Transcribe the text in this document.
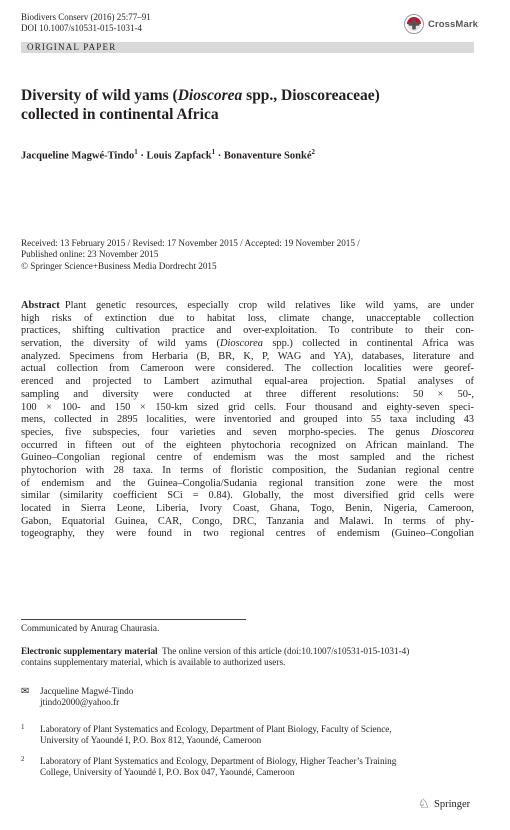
Biodivers Conserv (2016) 25:77–91
DOI 10.1007/s10531-015-1031-4	CrossMark
ORIGINAL PAPER
Diversity of wild yams (Dioscorea spp., Dioscoreaceae)
collected in continental Africa
Jacqueline Magwé-Tindo$^1$ · Louis Zapfack$^1$ · Bonaventure Sonké$^2$
Received: 13 February 2015 / Revised: 17 November 2015 / Accepted: 19 November 2015 /
Published online: 23 November 2015
© Springer Science+Business Media Dordrecht 2015
Abstract  Plant genetic resources, especially crop wild relatives like wild yams, are under
high risks of extinction due to habitat loss, climate change, unacceptable collection
practices, shifting cultivation practice and over-exploitation. To contribute to their con-
servation, the diversity of wild yams (Dioscorea spp.) collected in continental Africa was
analyzed. Specimens from Herbaria (B, BR, K, P, WAG and YA), databases, literature and
actual collection from Cameroon were considered. The collection localities were georef-
erenced and projected to Lambert azimuthal equal-area projection. Spatial analyses of
sampling and diversity were conducted at three different resolutions: 50 × 50-,
100 × 100- and 150 × 150-km sized grid cells. Four thousand and eighty-seven speci-
mens, collected in 2895 localities, were inventoried and grouped into 55 taxa including 43
species, five subspecies, four varieties and seven morpho-species. The genus Dioscorea
occurred in fifteen out of the eighteen phytochoria recognized on African mainland. The
Guineo–Congolian regional centre of endemism was the most sampled and the richest
phytochorion with 28 taxa. In terms of floristic composition, the Sudanian regional centre
of endemism and the Guinea–Congolia/Sudania regional transition zone were the most
similar (similarity coefficient SCi = 0.84). Globally, the most diversified grid cells were
located in Sierra Leone, Liberia, Ivory Coast, Ghana, Togo, Benin, Nigeria, Cameroon,
Gabon, Equatorial Guinea, CAR, Congo, DRC, Tanzania and Malawi. In terms of phy-
togeography, they were found in two regional centres of endemism (Guineo–Congolian
Communicated by Anurag Chaurasia.
Electronic supplementary material The online version of this article (doi:10.1007/s10531-015-1031-4)
contains supplementary material, which is available to authorized users.
✉ Jacqueline Magwé-Tindo
jtindo2000@yahoo.fr
1 Laboratory of Plant Systematics and Ecology, Department of Plant Biology, Faculty of Science,
University of Yaoundé I, P.O. Box 812, Yaoundé, Cameroon
2 Laboratory of Plant Systematics and Ecology, Department of Biology, Higher Teacher’s Training
College, University of Yaoundé I, P.O. Box 047, Yaoundé, Cameroon
♘ Springer
